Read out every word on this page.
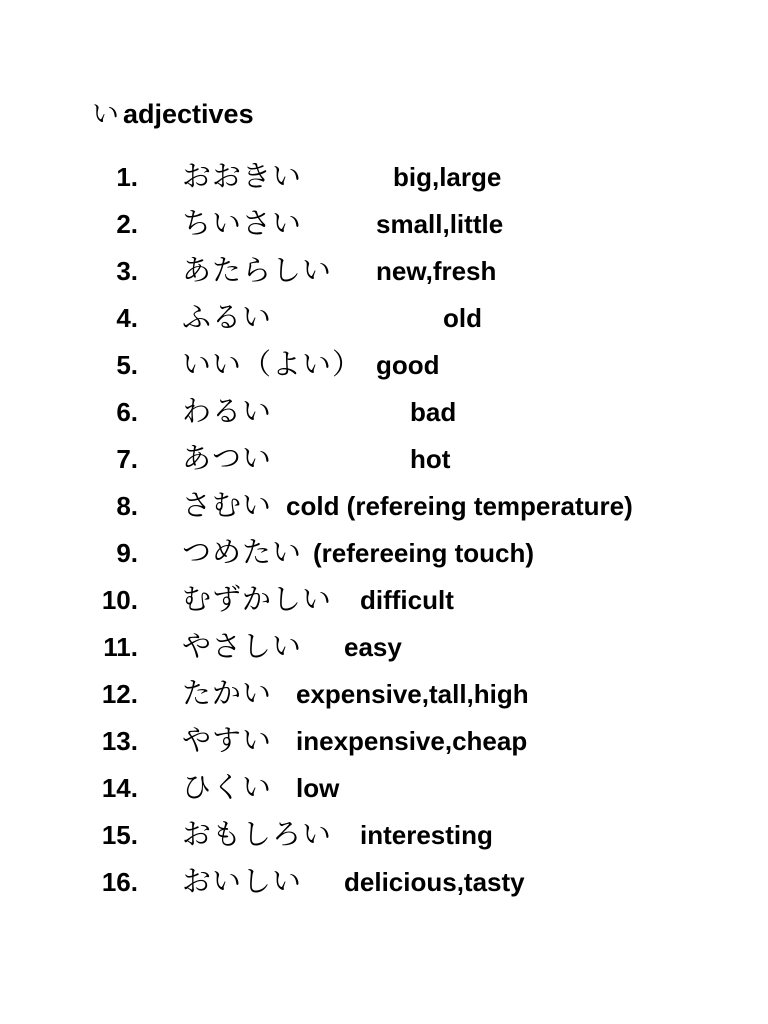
い adjectives
1. おおきい	big,large
2. ちいさい	small,little
3. あたらしい new,fresh
4. ふるい	old
5. いい（よい） good
6. わるい	bad
7. あつい	hot
8. さむい cold (refereing temperature)
9. つめたい (refereeing touch)
10. むずかしい difficult
11. やさしい easy
12. たかい expensive,tall,high
13. やすい inexpensive,cheap
14. ひくい low
15. おもしろい interesting
16. おいしい delicious,tasty
